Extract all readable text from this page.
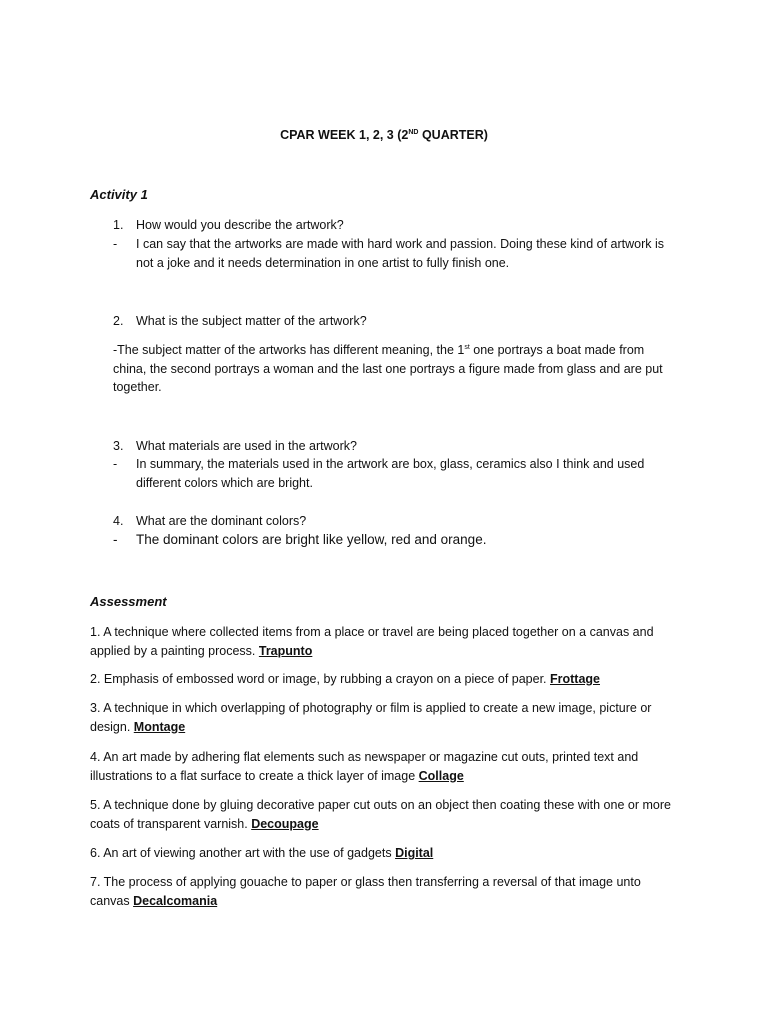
CPAR WEEK 1, 2, 3 (2ND QUARTER)
Activity 1
1. How would you describe the artwork?
- I can say that the artworks are made with hard work and passion. Doing these kind of artwork is not a joke and it needs determination in one artist to fully finish one.
2. What is the subject matter of the artwork?
-The subject matter of the artworks has different meaning, the 1st one portrays a boat made from china, the second portrays a woman and the last one portrays a figure made from glass and are put together.
3. What materials are used in the artwork?
- In summary, the materials used in the artwork are box, glass, ceramics also I think and used different colors which are bright.
4. What are the dominant colors?
- The dominant colors are bright like yellow, red and orange.
Assessment
1. A technique where collected items from a place or travel are being placed together on a canvas and applied by a painting process. Trapunto
2. Emphasis of embossed word or image, by rubbing a crayon on a piece of paper. Frottage
3. A technique in which overlapping of photography or film is applied to create a new image, picture or design. Montage
4. An art made by adhering flat elements such as newspaper or magazine cut outs, printed text and illustrations to a flat surface to create a thick layer of image Collage
5. A technique done by gluing decorative paper cut outs on an object then coating these with one or more coats of transparent varnish. Decoupage
6. An art of viewing another art with the use of gadgets Digital
7. The process of applying gouache to paper or glass then transferring a reversal of that image unto canvas Decalcomania
